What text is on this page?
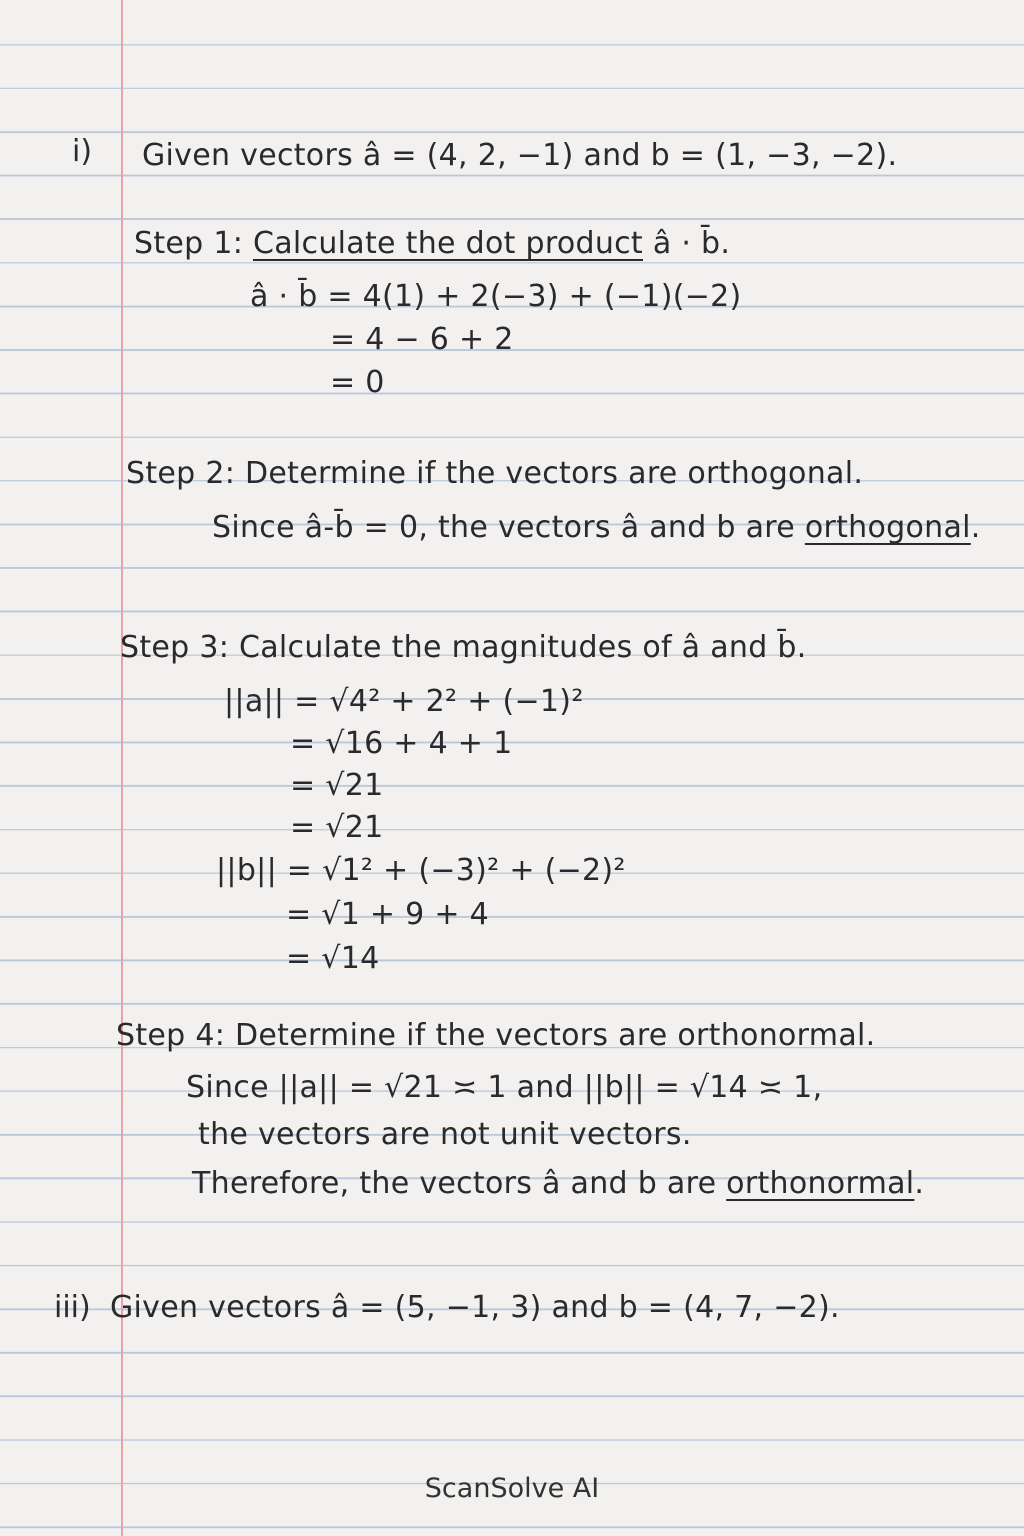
i) Given vectors â = (4, 2, −1) and b = (1, −3, −2).
Step 1: Calculate the dot product â · b̄.
â · b̄ = 4(1) + 2(−3) + (−1)(−2)
= 4 − 6 + 2
= 0
Step 2: Determine if the vectors are orthogonal.
Since â-b̄ = 0, the vectors â and b are orthogonal.
Step 3: Calculate the magnitudes of â and b̄.
||a|| = √4² + 2² + (−1)²
= √16 + 4 + 1
= √21
= √21
||b|| = √1² + (−3)² + (−2)²
= √1 + 9 + 4
= √14
Step 4: Determine if the vectors are orthonormal.
Since ||a|| = √21 ≍ 1 and ||b|| = √14 ≍ 1,
the vectors are not unit vectors.
Therefore, the vectors â and b are orthonormal.
iii) Given vectors â = (5, −1, 3) and b = (4, 7, −2).
ScanSolve AI
